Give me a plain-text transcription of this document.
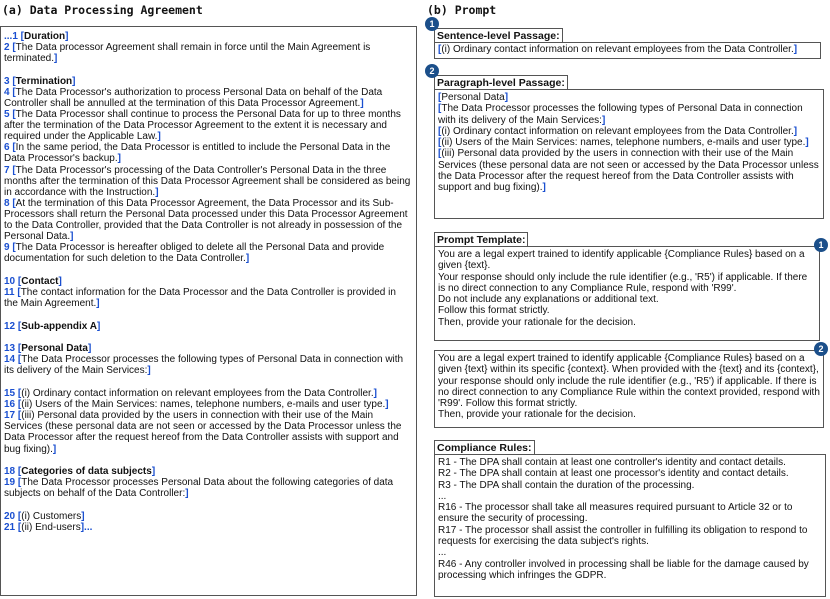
(a) Data Processing Agreement
...1 [Duration]
2 [The Data processor Agreement shall remain in force until the Main Agreement is terminated.]
3 [Termination]
4 [The Data Processor's authorization to process Personal Data on behalf of the Data Controller shall be annulled at the termination of this Data Processor Agreement.]
5 [The Data Processor shall continue to process the Personal Data for up to three months after the termination of the Data Processor Agreement to the extent it is necessary and required under the Applicable Law.]
6 [In the same period, the Data Processor is entitled to include the Personal Data in the Data Processor's backup.]
7 [The Data Processor's processing of the Data Controller's Personal Data in the three months after the termination of this Data Processor Agreement shall be considered as being in accordance with the Instruction.]
8 [At the termination of this Data Processor Agreement, the Data Processor and its Sub-Processors shall return the Personal Data processed under this Data Processor Agreement to the Data Controller, provided that the Data Controller is not already in possession of the Personal Data.]
9 [The Data Processor is hereafter obliged to delete all the Personal Data and provide documentation for such deletion to the Data Controller.]
10 [Contact]
11 [The contact information for the Data Processor and the Data Controller is provided in the Main Agreement.]
12 [Sub-appendix A]
13 [Personal Data]
14 [The Data Processor processes the following types of Personal Data in connection with its delivery of the Main Services:]
15 [(i) Ordinary contact information on relevant employees from the Data Controller.]
16 [(ii) Users of the Main Services: names, telephone numbers, e-mails and user type.]
17 [(iii) Personal data provided by the users in connection with their use of the Main Services (these personal data are not seen or accessed by the Data Processor unless the Data Processor after the request hereof from the Data Controller assists with support and bug fixing).]
18 [Categories of data subjects]
19 [The Data Processor processes Personal Data about the following categories of data subjects on behalf of the Data Controller:]
20 [(i) Customers]
21 [(ii) End-users]...
(b) Prompt
1
Sentence-level Passage:
[(i) Ordinary contact information on relevant employees from the Data Controller.]
2
Paragraph-level Passage:
[Personal Data]
[The Data Processor processes the following types of Personal Data in connection with its delivery of the Main Services:]
[(i) Ordinary contact information on relevant employees from the Data Controller.]
[(ii) Users of the Main Services: names, telephone numbers, e-mails and user type.]
[(iii) Personal data provided by the users in connection with their use of the Main Services (these personal data are not seen or accessed by the Data Processor unless the Data Processor after the request hereof from the Data Controller assists with support and bug fixing).]
Prompt Template:	1
You are a legal expert trained to identify applicable {Compliance Rules} based on a given {text}.
Your response should only include the rule identifier (e.g., 'R5') if applicable. If there is no direct connection to any Compliance Rule, respond with 'R99'.
Do not include any explanations or additional text.
Follow this format strictly.
Then, provide your rationale for the decision.
2
You are a legal expert trained to identify applicable {Compliance Rules} based on a given {text} within its specific {context}. When provided with the {text} and its {context}, your response should only include the rule identifier (e.g., 'R5') if applicable. If there is no direct connection to any Compliance Rule within the context provided, respond with 'R99'. Follow this format strictly.
Then, provide your rationale for the decision.
Compliance Rules:
R1 - The DPA shall contain at least one controller's identity and contact details.
R2 - The DPA shall contain at least one processor's identity and contact details.
R3 - The DPA shall contain the duration of the processing.
...
R16 - The processor shall take all measures required pursuant to Article 32 or to ensure the security of processing.
R17 - The processor shall assist the controller in fulfilling its obligation to respond to requests for exercising the data subject's rights.
...
R46 - Any controller involved in processing shall be liable for the damage caused by processing which infringes the GDPR.
